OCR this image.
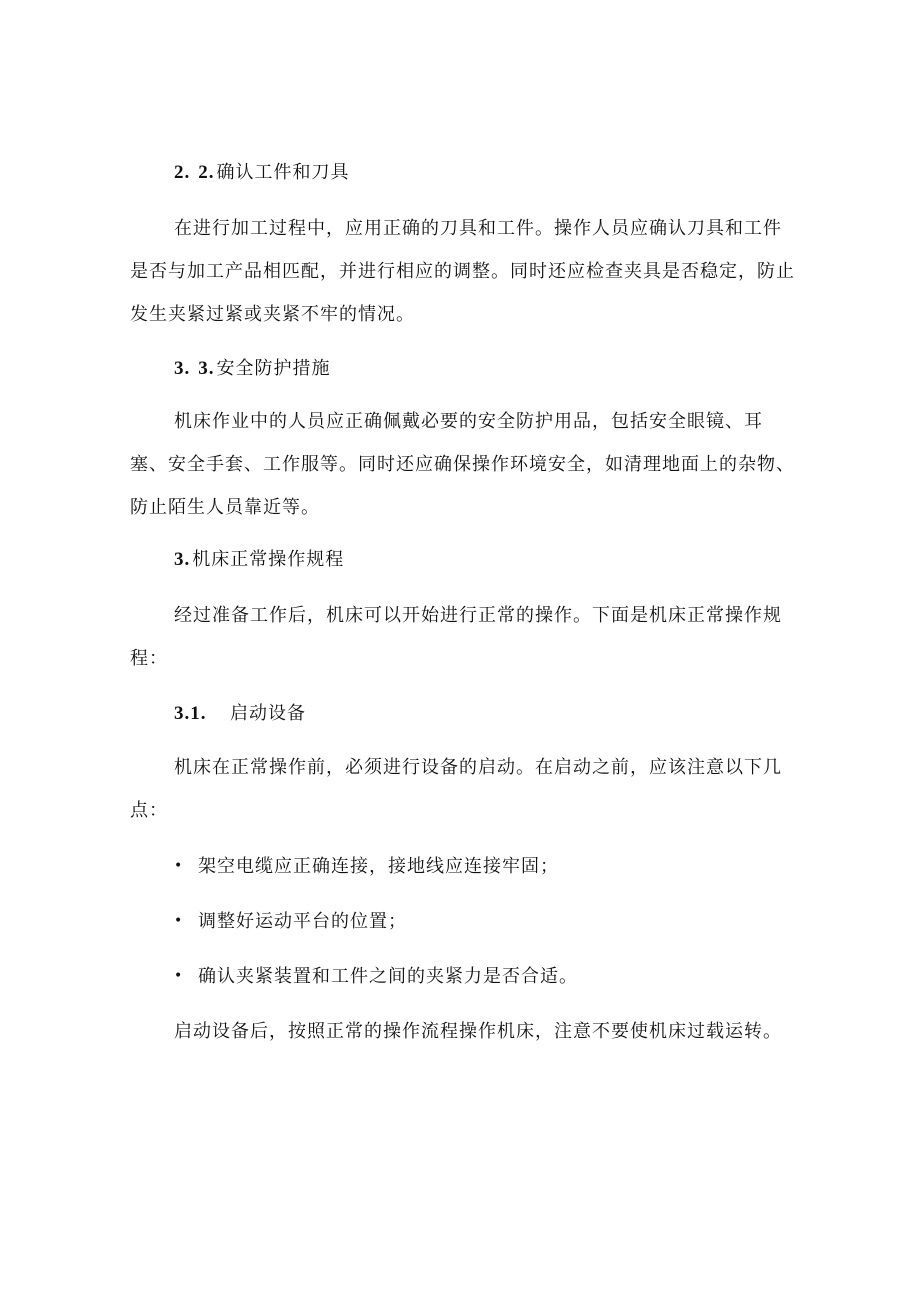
2. 2. 确认工件和刀具
在进行加工过程中，应用正确的刀具和工件。操作人员应确认刀具和工件是否与加工产品相匹配，并进行相应的调整。同时还应检查夹具是否稳定，防止发生夹紧过紧或夹紧不牢的情况。
3. 3. 安全防护措施
机床作业中的人员应正确佩戴必要的安全防护用品，包括安全眼镜、耳塞、安全手套、工作服等。同时还应确保操作环境安全，如清理地面上的杂物、防止陌生人员靠近等。
3. 机床正常操作规程
经过准备工作后，机床可以开始进行正常的操作。下面是机床正常操作规程：
3.1. 启动设备
机床在正常操作前，必须进行设备的启动。在启动之前，应该注意以下几点：
• 架空电缆应正确连接，接地线应连接牢固；
• 调整好运动平台的位置；
• 确认夹紧装置和工件之间的夹紧力是否合适。
启动设备后，按照正常的操作流程操作机床，注意不要使机床过载运转。
